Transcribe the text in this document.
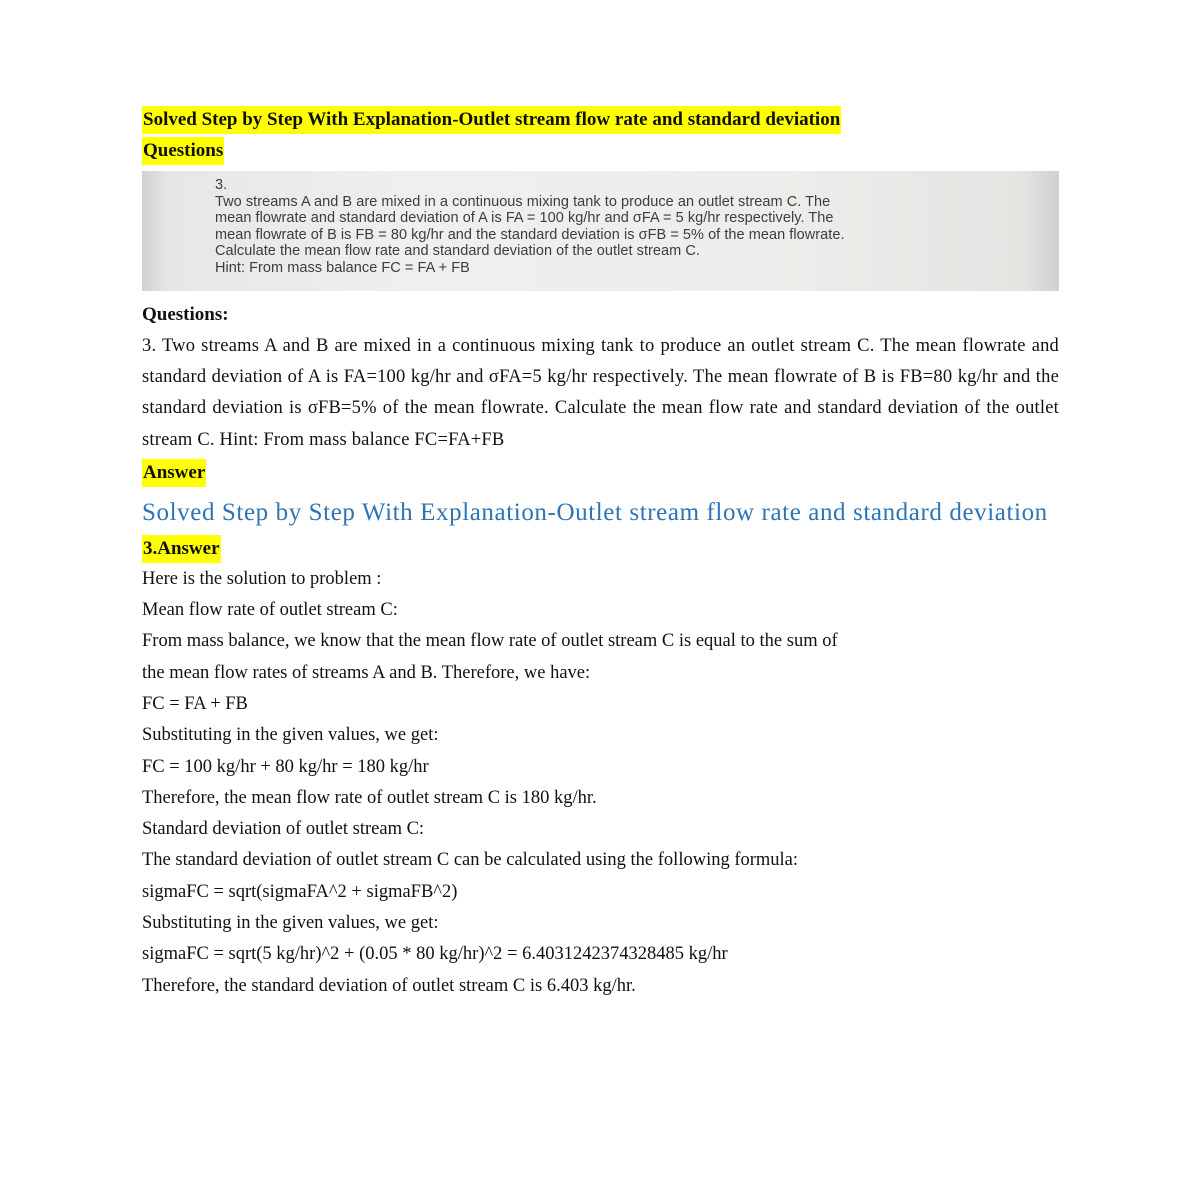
Solved Step by Step With Explanation-Outlet stream flow rate and standard deviation
Questions
3.
Two streams A and B are mixed in a continuous mixing tank to produce an outlet stream C. The
mean flowrate and standard deviation of A is FA = 100 kg/hr and σFA = 5 kg/hr respectively. The
mean flowrate of B is FB = 80 kg/hr and the standard deviation is σFB = 5% of the mean flowrate.
Calculate the mean flow rate and standard deviation of the outlet stream C.
Hint: From mass balance FC = FA + FB
Questions:

3. Two streams A and B are mixed in a continuous mixing tank to produce an outlet stream C. The mean flowrate and standard deviation of A is FA=100 kg/hr and σFA=5 kg/hr respectively. The mean flowrate of B is FB=80 kg/hr and the standard deviation is σFB=5% of the mean flowrate. Calculate the mean flow rate and standard deviation of the outlet stream C. Hint: From mass balance FC=FA+FB

Answer
Solved Step by Step With Explanation-Outlet stream flow rate and standard deviation
3.Answer
Here is the solution to problem :
Mean flow rate of outlet stream C:
From mass balance, we know that the mean flow rate of outlet stream C is equal to the sum of
the mean flow rates of streams A and B. Therefore, we have:
FC = FA + FB
Substituting in the given values, we get:
FC = 100 kg/hr + 80 kg/hr = 180 kg/hr
Therefore, the mean flow rate of outlet stream C is 180 kg/hr.
Standard deviation of outlet stream C:
The standard deviation of outlet stream C can be calculated using the following formula:
sigmaFC = sqrt(sigmaFA^2 + sigmaFB^2)
Substituting in the given values, we get:
sigmaFC = sqrt(5 kg/hr)^2 + (0.05 * 80 kg/hr)^2 = 6.4031242374328485 kg/hr
Therefore, the standard deviation of outlet stream C is 6.403 kg/hr.
